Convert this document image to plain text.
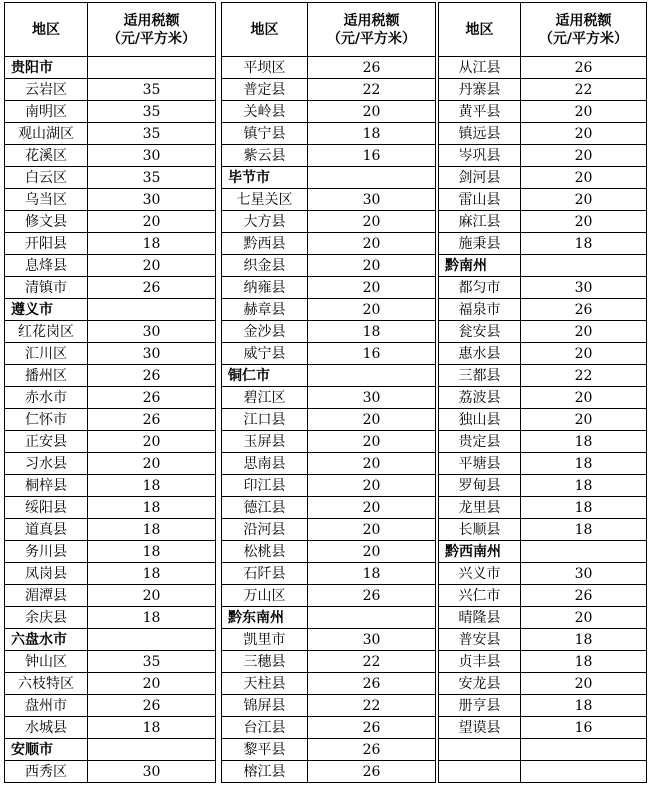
地区	适用税额
（元/平方米）

贵阳市	
云岩区	35
南明区	35
观山湖区	35
花溪区	30
白云区	35
乌当区	30
修文县	20
开阳县	18
息烽县	20
清镇市	26
遵义市	
红花岗区	30
汇川区	30
播州区	26
赤水市	26
仁怀市	26
正安县	20
习水县	20
桐梓县	18
绥阳县	18
道真县	18
务川县	18
凤岗县	18
湄潭县	20
余庆县	18
六盘水市	
钟山区	35
六枝特区	20
盘州市	26
水城县	18
安顺市	
西秀区	30
地区	适用税额
（元/平方米）

平坝区	26
普定县	22
关岭县	20
镇宁县	18
紫云县	16
毕节市	
七星关区	30
大方县	20
黔西县	20
织金县	20
纳雍县	20
赫章县	20
金沙县	18
威宁县	16
铜仁市	
碧江区	30
江口县	20
玉屏县	20
思南县	20
印江县	20
德江县	20
沿河县	20
松桃县	20
石阡县	18
万山区	26
黔东南州	
凯里市	30
三穗县	22
天柱县	26
锦屏县	22
台江县	26
黎平县	26
榕江县	26
地区	适用税额
（元/平方米）

从江县	26
丹寨县	22
黄平县	20
镇远县	20
岑巩县	20
剑河县	20
雷山县	20
麻江县	20
施秉县	18
黔南州	
都匀市	30
福泉市	26
瓮安县	20
惠水县	20
三都县	22
荔波县	20
独山县	20
贵定县	18
平塘县	18
罗甸县	18
龙里县	18
长顺县	18
黔西南州	
兴义市	30
兴仁市	26
晴隆县	20
普安县	18
贞丰县	18
安龙县	20
册亨县	18
望谟县	16
